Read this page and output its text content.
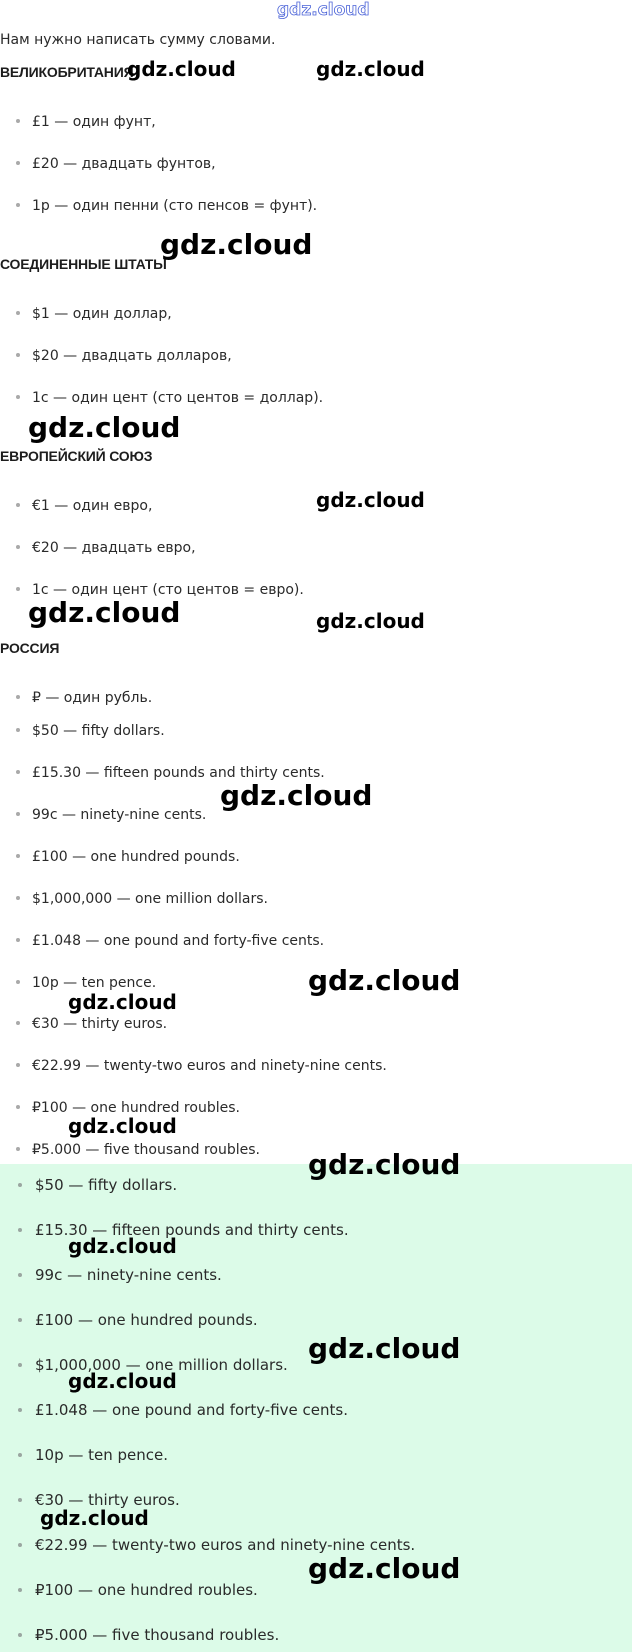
gdz.cloud
Нам нужно написать сумму словами.
ВЕЛИКОБРИТАНИЯ
£1 — один фунт,
£20 — двадцать фунтов,
1p — один пенни (сто пенсов = фунт).
СОЕДИНЕННЫЕ ШТАТЫ
$1 — один доллар,
$20 — двадцать долларов,
1c — один цент (сто центов = доллар).
ЕВРОПЕЙСКИЙ СОЮЗ
€1 — один евро,
€20 — двадцать евро,
1c — один цент (сто центов = евро).
РОССИЯ
₽ — один рубль.
$50 — fifty dollars.
£15.30 — fifteen pounds and thirty cents.
99c — ninety-nine cents.
£100 — one hundred pounds.
$1,000,000 — one million dollars.
£1.048 — one pound and forty-five cents.
10p — ten pence.
€30 — thirty euros.
€22.99 — twenty-two euros and ninety-nine cents.
₽100 — one hundred roubles.
₽5.000 — five thousand roubles.
$50 — fifty dollars.
£15.30 — fifteen pounds and thirty cents.
99c — ninety-nine cents.
£100 — one hundred pounds.
$1,000,000 — one million dollars.
£1.048 — one pound and forty-five cents.
10p — ten pence.
€30 — thirty euros.
€22.99 — twenty-two euros and ninety-nine cents.
₽100 — one hundred roubles.
₽5.000 — five thousand roubles.
gdz.cloud	gdz.cloud
gdz.cloud
gdz.cloud
gdz.cloud
gdz.cloud	gdz.cloud
gdz.cloud
gdz.cloud
gdz.cloud
gdz.cloud
gdz.cloud
gdz.cloud
gdz.cloud
gdz.cloud
gdz.cloud
gdz.cloud
